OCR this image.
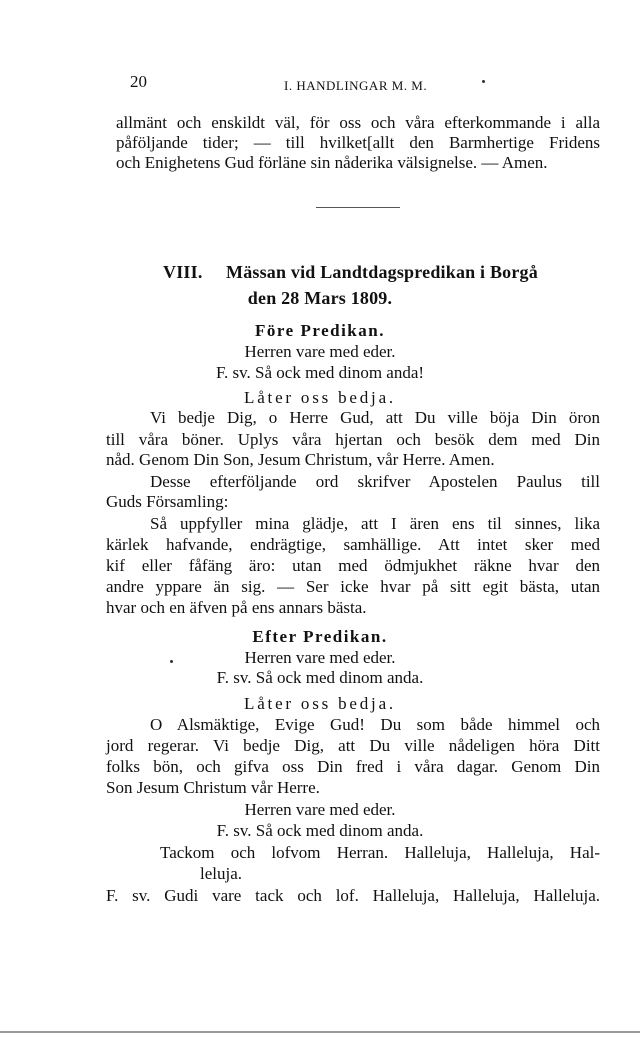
20	I. HANDLINGAR M. M.
allmänt och enskildt väl, för oss och våra efterkommande i alla
påföljande tider; — till hvilket[allt den Barmhertige Fridens
och Enighetens Gud förläne sin nåderika välsignelse. — Amen.
VIII. Mässan vid Landtdagspredikan i Borgå
den 28 Mars 1809.
Före Predikan.
Herren vare med eder.
F. sv. Så ock med dinom anda!
Låter oss bedja.
Vi bedje Dig, o Herre Gud, att Du ville böja Din öron
till våra böner. Uplys våra hjertan och besök dem med Din
nåd. Genom Din Son, Jesum Christum, vår Herre. Amen.
Desse efterföljande ord skrifver Apostelen Paulus till
Guds Församling:
Så uppfyller mina glädje, att I ären ens til sinnes, lika
kärlek hafvande, endrägtige, samhällige. Att intet sker med
kif eller fåfäng äro: utan med ödmjukhet räkne hvar den
andre yppare än sig. — Ser icke hvar på sitt egit bästa, utan
hvar och en äfven på ens annars bästa.
Efter Predikan.
Herren vare med eder.
F. sv. Så ock med dinom anda.
Låter oss bedja.
O Alsmäktige, Evige Gud! Du som både himmel och
jord regerar. Vi bedje Dig, att Du ville nådeligen höra Ditt
folks bön, och gifva oss Din fred i våra dagar. Genom Din
Son Jesum Christum vår Herre.
Herren vare med eder.
F. sv. Så ock med dinom anda.
Tackom och lofvom Herran. Halleluja, Halleluja, Hal-
leluja.
F. sv. Gudi vare tack och lof. Halleluja, Halleluja, Halleluja.
